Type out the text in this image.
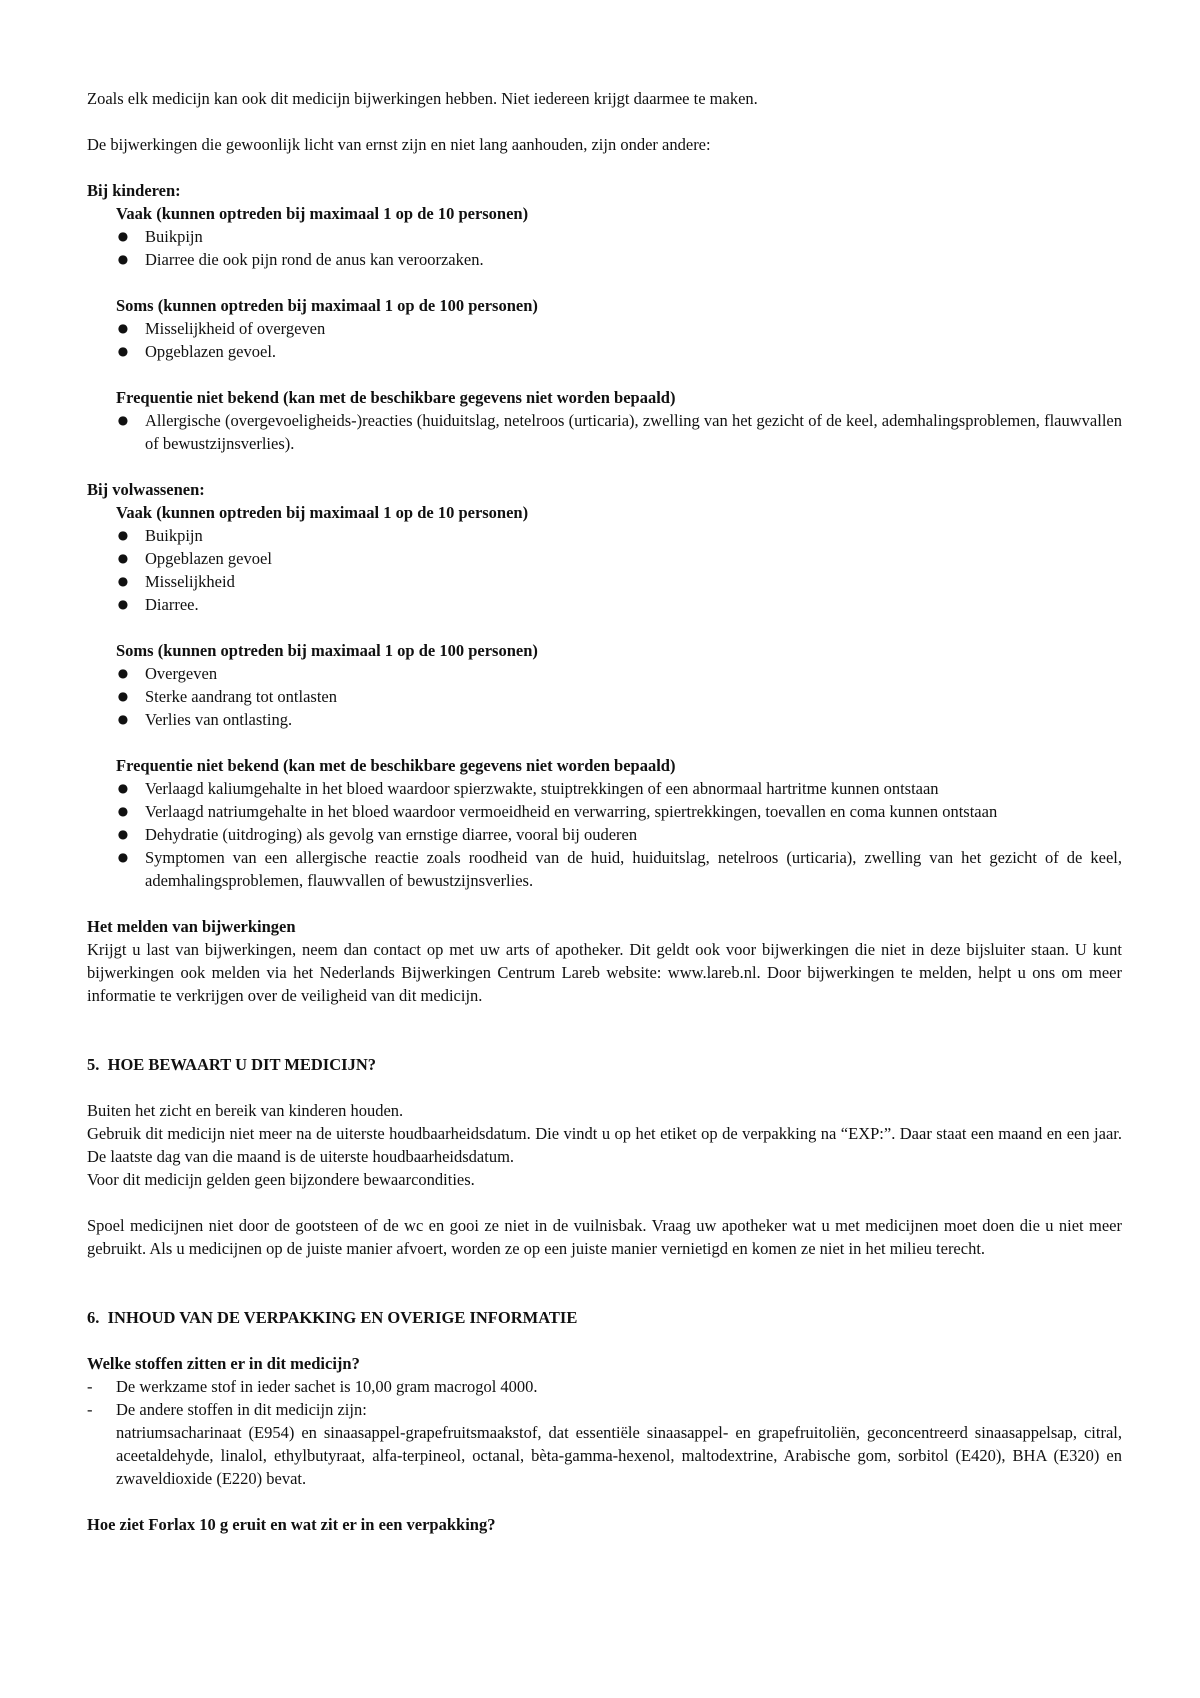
Zoals elk medicijn kan ook dit medicijn bijwerkingen hebben. Niet iedereen krijgt daarmee te maken.

De bijwerkingen die gewoonlijk licht van ernst zijn en niet lang aanhouden, zijn onder andere:

Bij kinderen:

Vaak (kunnen optreden bij maximaal 1 op de 10 personen)

● Buikpijn
● Diarree die ook pijn rond de anus kan veroorzaken.

Soms (kunnen optreden bij maximaal 1 op de 100 personen)

● Misselijkheid of overgeven
● Opgeblazen gevoel.

Frequentie niet bekend (kan met de beschikbare gegevens niet worden bepaald)

● Allergische (overgevoeligheids-)reacties (huiduitslag, netelroos (urticaria), zwelling van het gezicht of de keel, ademhalingsproblemen, flauwvallen of bewustzijnsverlies).

Bij volwassenen:

Vaak (kunnen optreden bij maximaal 1 op de 10 personen)

● Buikpijn
● Opgeblazen gevoel
● Misselijkheid
● Diarree.

Soms (kunnen optreden bij maximaal 1 op de 100 personen)

● Overgeven
● Sterke aandrang tot ontlasten
● Verlies van ontlasting.

Frequentie niet bekend (kan met de beschikbare gegevens niet worden bepaald)

● Verlaagd kaliumgehalte in het bloed waardoor spierzwakte, stuiptrekkingen of een abnormaal hartritme kunnen ontstaan
● Verlaagd natriumgehalte in het bloed waardoor vermoeidheid en verwarring, spiertrekkingen, toevallen en coma kunnen ontstaan
● Dehydratie (uitdroging) als gevolg van ernstige diarree, vooral bij ouderen
● Symptomen van een allergische reactie zoals roodheid van de huid, huiduitslag, netelroos (urticaria), zwelling van het gezicht of de keel, ademhalingsproblemen, flauwvallen of bewustzijnsverlies.

Het melden van bijwerkingen

Krijgt u last van bijwerkingen, neem dan contact op met uw arts of apotheker. Dit geldt ook voor bijwerkingen die niet in deze bijsluiter staan. U kunt bijwerkingen ook melden via het Nederlands Bijwerkingen Centrum Lareb website: www.lareb.nl. Door bijwerkingen te melden, helpt u ons om meer informatie te verkrijgen over de veiligheid van dit medicijn.

5.  HOE BEWAART U DIT MEDICIJN?

Buiten het zicht en bereik van kinderen houden.

Gebruik dit medicijn niet meer na de uiterste houdbaarheidsdatum. Die vindt u op het etiket op de verpakking na “EXP:”. Daar staat een maand en een jaar. De laatste dag van die maand is de uiterste houdbaarheidsdatum.

Voor dit medicijn gelden geen bijzondere bewaarcondities.

Spoel medicijnen niet door de gootsteen of de wc en gooi ze niet in de vuilnisbak. Vraag uw apotheker wat u met medicijnen moet doen die u niet meer gebruikt. Als u medicijnen op de juiste manier afvoert, worden ze op een juiste manier vernietigd en komen ze niet in het milieu terecht.

6.  INHOUD VAN DE VERPAKKING EN OVERIGE INFORMATIE

Welke stoffen zitten er in dit medicijn?

- De werkzame stof in ieder sachet is 10,00 gram macrogol 4000.
- De andere stoffen in dit medicijn zijn:
natriumsacharinaat (E954) en sinaasappel-grapefruitsmaakstof, dat essentiële sinaasappel- en grapefruitoliën, geconcentreerd sinaasappelsap, citral, aceetaldehyde, linalol, ethylbutyraat, alfa-terpineol, octanal, bèta-gamma-hexenol, maltodextrine, Arabische gom, sorbitol (E420), BHA (E320) en zwaveldioxide (E220) bevat.

Hoe ziet Forlax 10 g eruit en wat zit er in een verpakking?
